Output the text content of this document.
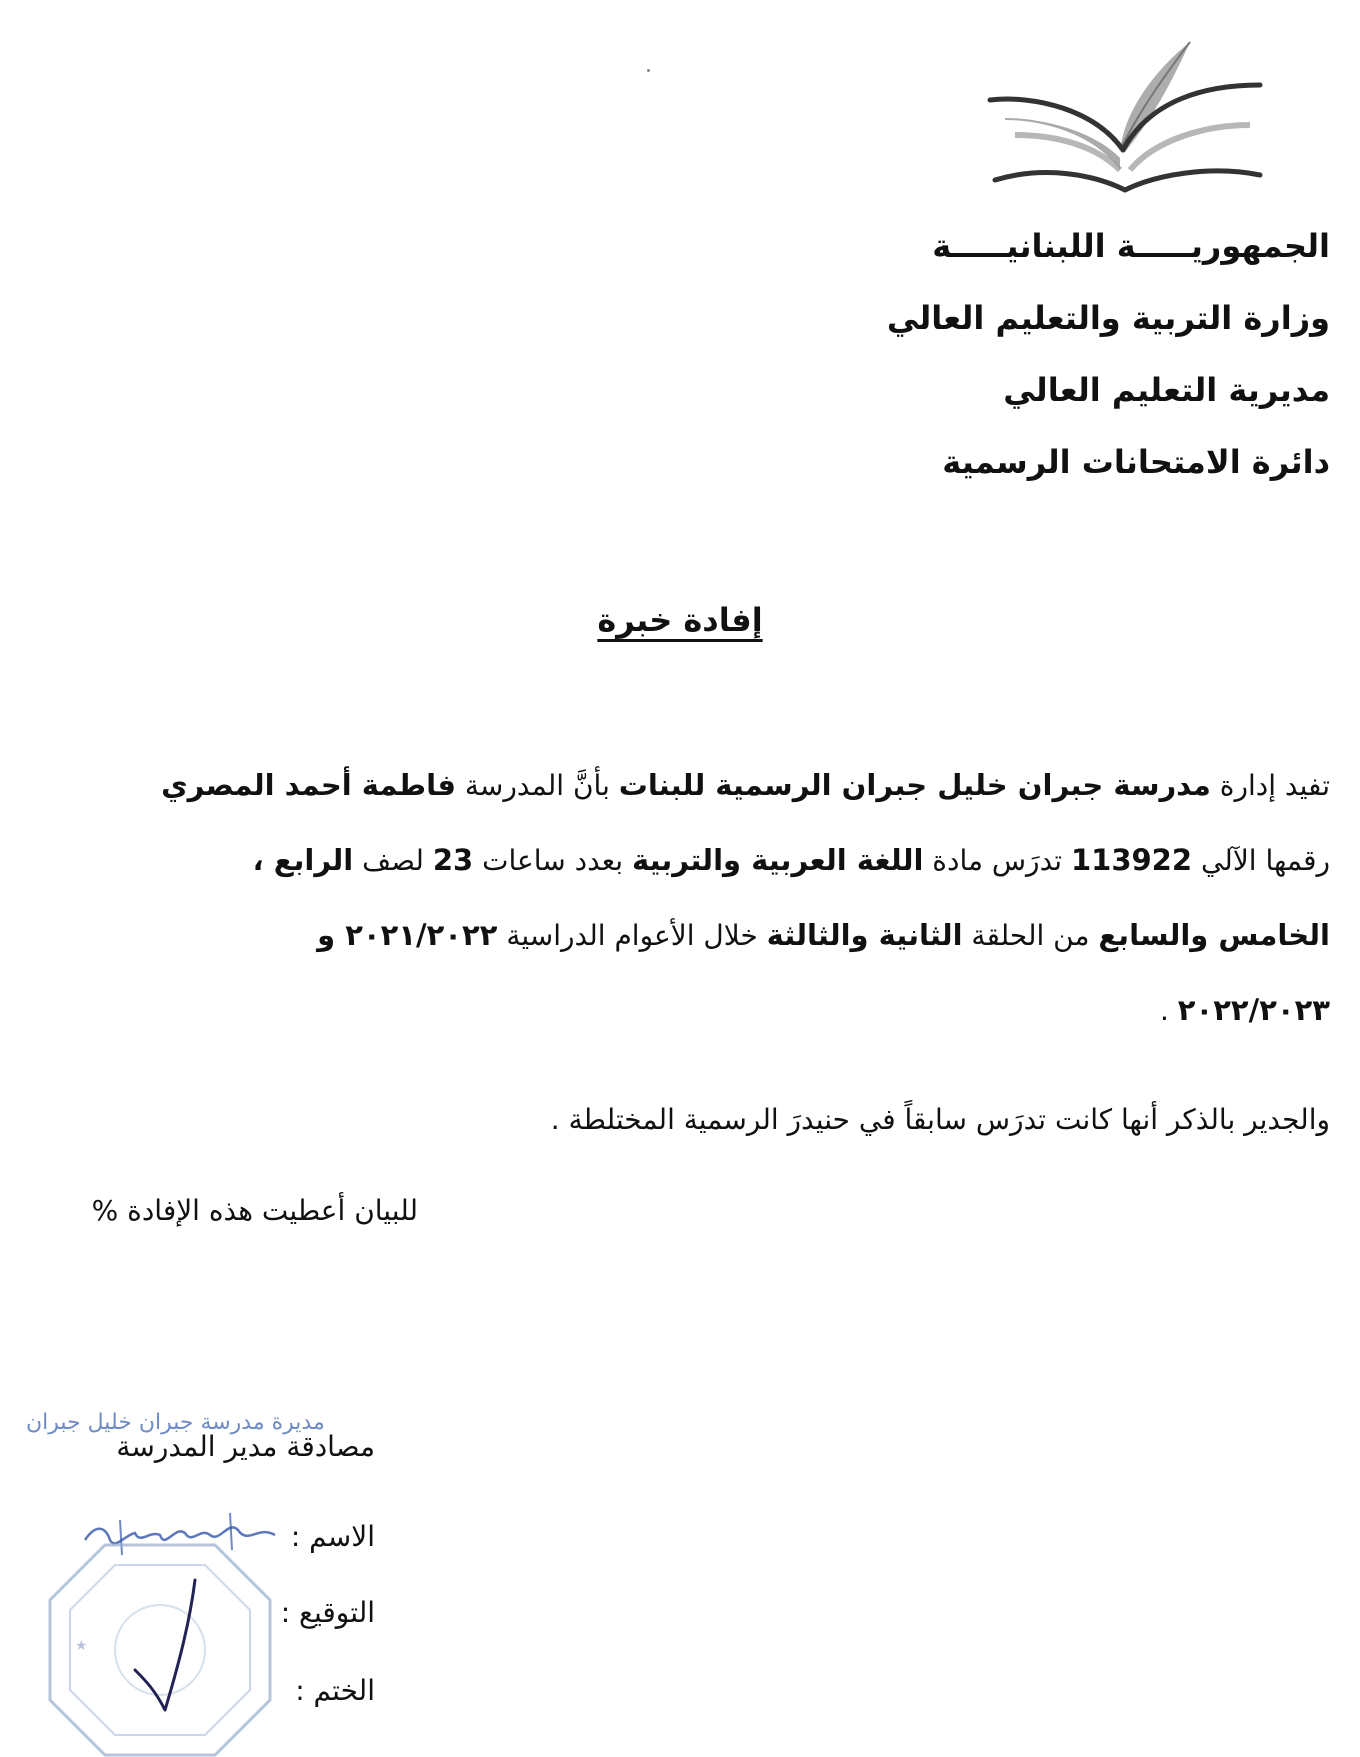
الجمهوريـــــة اللبنانيـــــة
وزارة التربية والتعليم العالي
مديرية التعليم العالي
دائرة الامتحانات الرسمية
إفادة خبرة
تفيد إدارة مدرسة جبران خليل جبران الرسمية للبنات بأنَّ المدرسة فاطمة أحمد المصري
رقمها الآلي 113922 تدرَس مادة اللغة العربية والتربية بعدد ساعات 23 لصف الرابع ،
الخامس والسابع من الحلقة الثانية والثالثة خلال الأعوام الدراسية ٢٠٢١/٢٠٢٢ و
٢٠٢٢/٢٠٢٣ .
والجدير بالذكر أنها كانت تدرَس سابقاً في حنيدرَ الرسمية المختلطة .
للبيان أعطيت هذه الإفادة %
مديرة مدرسة جبران خليل جبران
مصادقة مدير المدرسة
الاسم :
التوقيع :
الختم :
★
